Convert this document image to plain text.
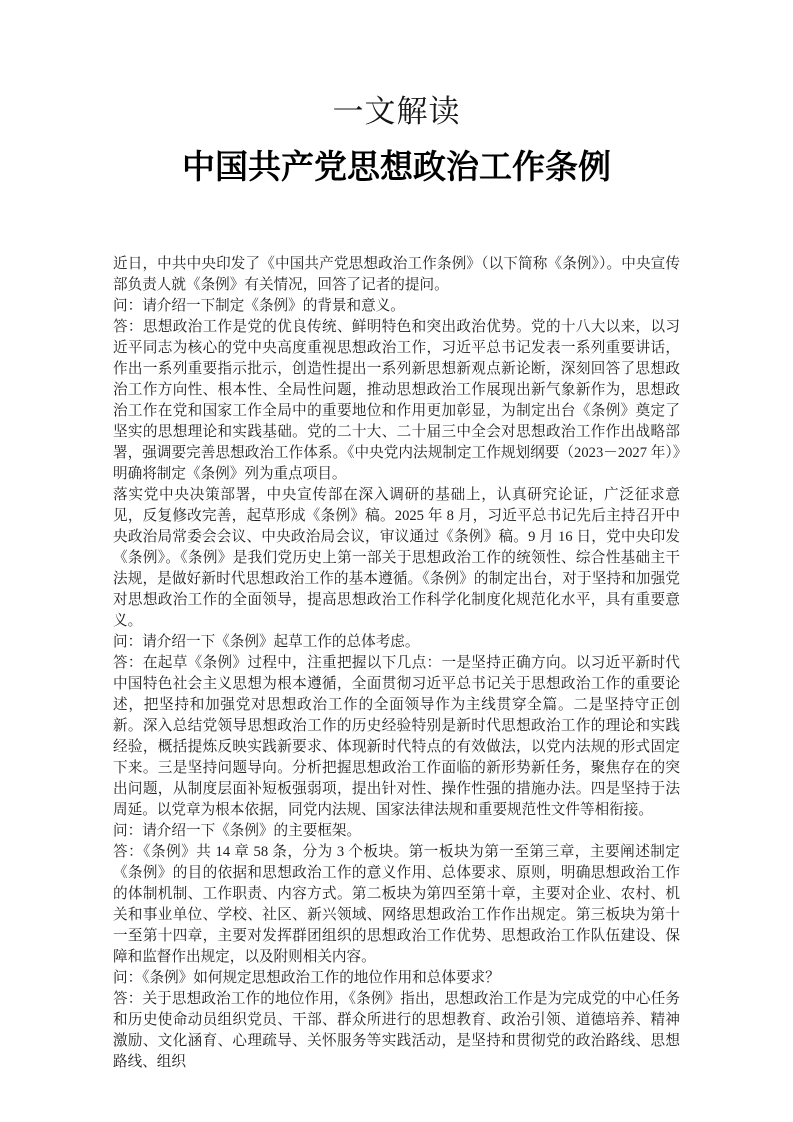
一文解读
中国共产党思想政治工作条例

近日，中共中央印发了《中国共产党思想政治工作条例》（以下简称《条例》）。中央宣传部负责人就《条例》有关情况，回答了记者的提问。

问：请介绍一下制定《条例》的背景和意义。

答：思想政治工作是党的优良传统、鲜明特色和突出政治优势。党的十八大以来，以习近平同志为核心的党中央高度重视思想政治工作，习近平总书记发表一系列重要讲话，作出一系列重要指示批示，创造性提出一系列新思想新观点新论断，深刻回答了思想政治工作方向性、根本性、全局性问题，推动思想政治工作展现出新气象新作为，思想政治工作在党和国家工作全局中的重要地位和作用更加彰显，为制定出台《条例》奠定了坚实的思想理论和实践基础。党的二十大、二十届三中全会对思想政治工作作出战略部署，强调要完善思想政治工作体系。《中央党内法规制定工作规划纲要（2023－2027 年）》明确将制定《条例》列为重点项目。

落实党中央决策部署，中央宣传部在深入调研的基础上，认真研究论证，广泛征求意见，反复修改完善，起草形成《条例》稿。2025 年 8 月，习近平总书记先后主持召开中央政治局常委会会议、中央政治局会议，审议通过《条例》稿。9 月 16 日，党中央印发《条例》。《条例》是我们党历史上第一部关于思想政治工作的统领性、综合性基础主干法规，是做好新时代思想政治工作的基本遵循。《条例》的制定出台，对于坚持和加强党对思想政治工作的全面领导，提高思想政治工作科学化制度化规范化水平，具有重要意义。

问：请介绍一下《条例》起草工作的总体考虑。

答：在起草《条例》过程中，注重把握以下几点：一是坚持正确方向。以习近平新时代中国特色社会主义思想为根本遵循，全面贯彻习近平总书记关于思想政治工作的重要论述，把坚持和加强党对思想政治工作的全面领导作为主线贯穿全篇。二是坚持守正创新。深入总结党领导思想政治工作的历史经验特别是新时代思想政治工作的理论和实践经验，概括提炼反映实践新要求、体现新时代特点的有效做法，以党内法规的形式固定下来。三是坚持问题导向。分析把握思想政治工作面临的新形势新任务，聚焦存在的突出问题，从制度层面补短板强弱项，提出针对性、操作性强的措施办法。四是坚持于法周延。以党章为根本依据，同党内法规、国家法律法规和重要规范性文件等相衔接。

问：请介绍一下《条例》的主要框架。

答：《条例》共 14 章 58 条，分为 3 个板块。第一板块为第一至第三章，主要阐述制定《条例》的目的依据和思想政治工作的意义作用、总体要求、原则，明确思想政治工作的体制机制、工作职责、内容方式。第二板块为第四至第十章，主要对企业、农村、机关和事业单位、学校、社区、新兴领域、网络思想政治工作作出规定。第三板块为第十一至第十四章，主要对发挥群团组织的思想政治工作优势、思想政治工作队伍建设、保障和监督作出规定，以及附则相关内容。

问：《条例》如何规定思想政治工作的地位作用和总体要求？

答：关于思想政治工作的地位作用，《条例》指出，思想政治工作是为完成党的中心任务和历史使命动员组织党员、干部、群众所进行的思想教育、政治引领、道德培养、精神激励、文化涵育、心理疏导、关怀服务等实践活动，是坚持和贯彻党的政治路线、思想路线、组织
